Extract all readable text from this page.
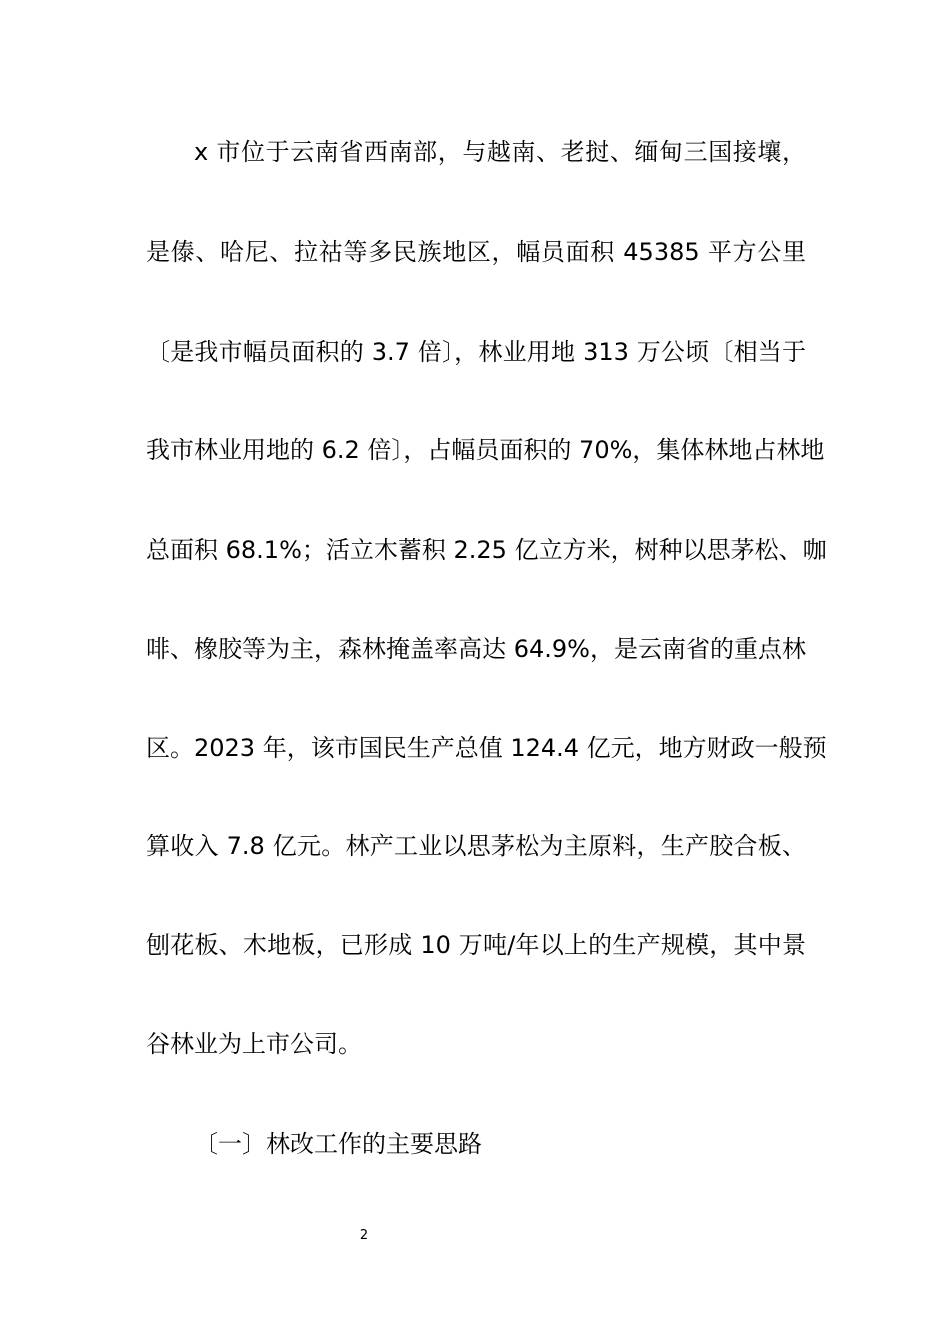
x 市位于云南省西南部，与越南、老挝、缅甸三国接壤，
是傣、哈尼、拉祜等多民族地区，幅员面积 45385 平方公里
〔是我市幅员面积的 3.7 倍〕，林业用地 313 万公顷〔相当于
我市林业用地的 6.2 倍〕，占幅员面积的 70%，集体林地占林地
总面积 68.1%；活立木蓄积 2.25 亿立方米，树种以思茅松、咖
啡、橡胶等为主，森林掩盖率高达 64.9%，是云南省的重点林
区。2023 年，该市国民生产总值 124.4 亿元，地方财政一般预
算收入 7.8 亿元。林产工业以思茅松为主原料，生产胶合板、
刨花板、木地板，已形成 10 万吨/年以上的生产规模，其中景
谷林业为上市公司。
〔一〕林改工作的主要思路
2
